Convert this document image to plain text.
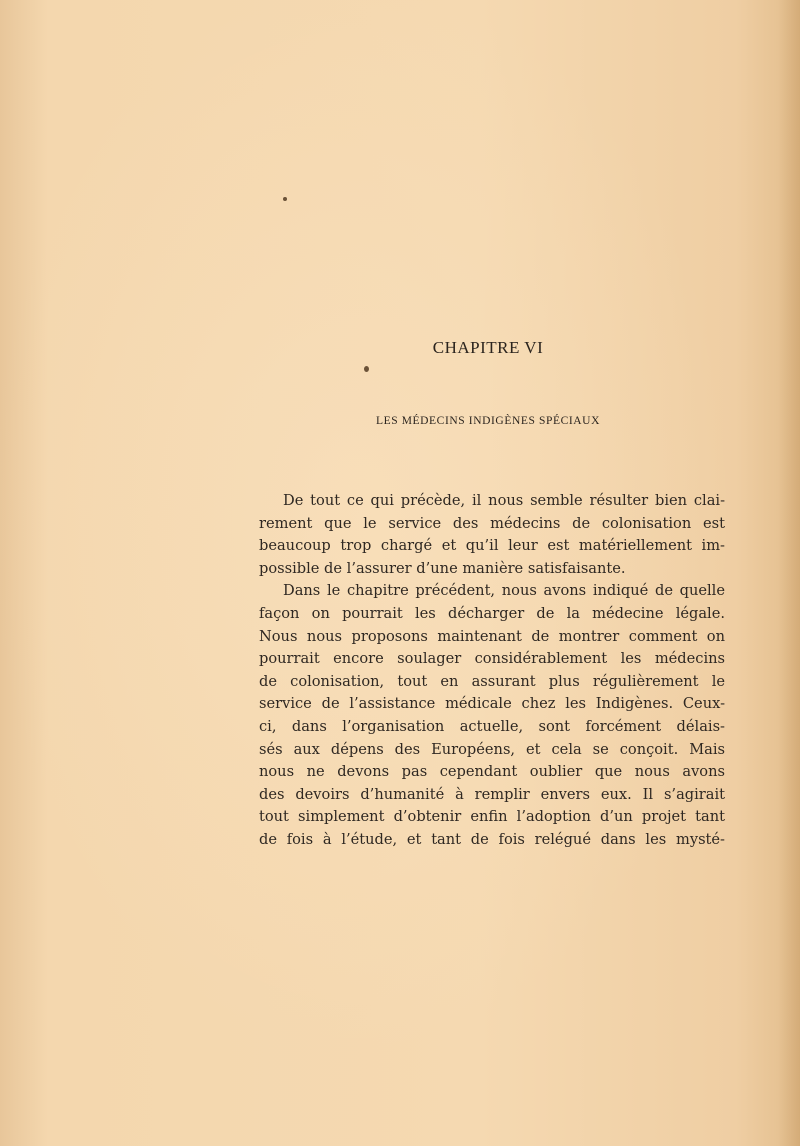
CHAPITRE VI
LES MÉDECINS INDIGÈNES SPÉCIAUX
De tout ce qui précède, il nous semble résulter bien clai-
rement que le service des médecins de colonisation est
beaucoup trop chargé et qu’il leur est matériellement im-
possible de l’assurer d’une manière satisfaisante.
Dans le chapitre précédent, nous avons indiqué de quelle
façon on pourrait les décharger de la médecine légale.
Nous nous proposons maintenant de montrer comment on
pourrait encore soulager considérablement les médecins
de colonisation, tout en assurant plus régulièrement le
service de l’assistance médicale chez les Indigènes. Ceux-
ci, dans l’organisation actuelle, sont forcément délais-
sés aux dépens des Européens, et cela se conçoit. Mais
nous ne devons pas cependant oublier que nous avons
des devoirs d’humanité à remplir envers eux. Il s’agirait
tout simplement d’obtenir enfin l’adoption d’un projet tant
de fois à l’étude, et tant de fois relégué dans les mysté-
